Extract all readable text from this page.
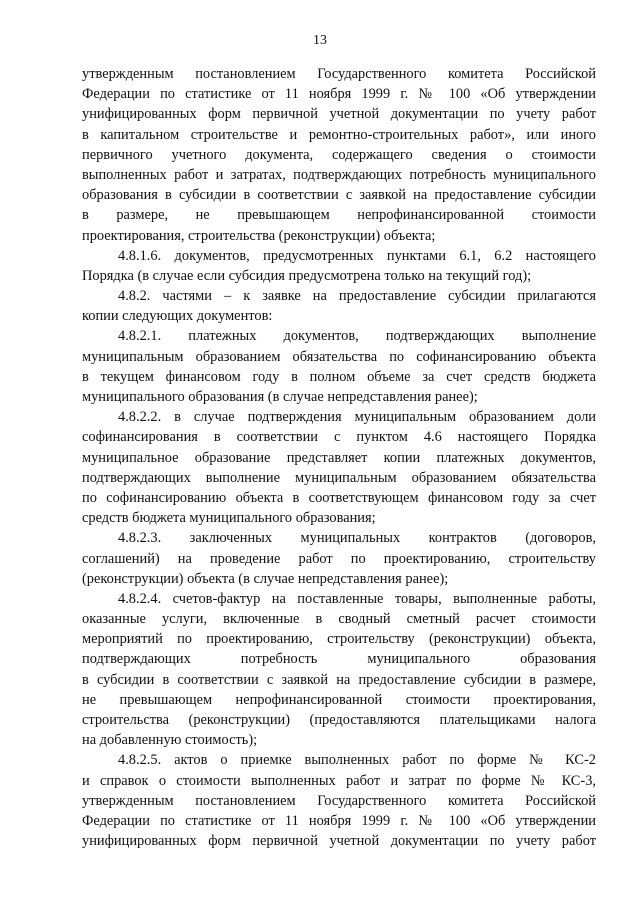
13
утвержденным постановлением Государственного комитета Российской
Федерации по статистике от 11 ноября 1999 г. № 100 «Об утверждении
унифицированных форм первичной учетной документации по учету работ
в капитальном строительстве и ремонтно-строительных работ», или иного
первичного учетного документа, содержащего сведения о стоимости
выполненных работ и затратах, подтверждающих потребность муниципального
образования в субсидии в соответствии с заявкой на предоставление субсидии
в размере, не превышающем непрофинансированной стоимости
проектирования, строительства (реконструкции) объекта;
4.8.1.6. документов, предусмотренных пунктами 6.1, 6.2 настоящего
Порядка (в случае если субсидия предусмотрена только на текущий год);
4.8.2. частями – к заявке на предоставление субсидии прилагаются
копии следующих документов:
4.8.2.1. платежных документов, подтверждающих выполнение
муниципальным образованием обязательства по софинансированию объекта
в текущем финансовом году в полном объеме за счет средств бюджета
муниципального образования (в случае непредставления ранее);
4.8.2.2. в случае подтверждения муниципальным образованием доли
софинансирования в соответствии с пунктом 4.6 настоящего Порядка
муниципальное образование представляет копии платежных документов,
подтверждающих выполнение муниципальным образованием обязательства
по софинансированию объекта в соответствующем финансовом году за счет
средств бюджета муниципального образования;
4.8.2.3. заключенных муниципальных контрактов (договоров,
соглашений) на проведение работ по проектированию, строительству
(реконструкции) объекта (в случае непредставления ранее);
4.8.2.4. счетов-фактур на поставленные товары, выполненные работы,
оказанные услуги, включенные в сводный сметный расчет стоимости
мероприятий по проектированию, строительству (реконструкции) объекта,
подтверждающих потребность муниципального образования
в субсидии в соответствии с заявкой на предоставление субсидии в размере,
не превышающем непрофинансированной стоимости проектирования,
строительства (реконструкции) (предоставляются плательщиками налога
на добавленную стоимость);
4.8.2.5. актов о приемке выполненных работ по форме № КС-2
и справок о стоимости выполненных работ и затрат по форме № КС-3,
утвержденным постановлением Государственного комитета Российской
Федерации по статистике от 11 ноября 1999 г. № 100 «Об утверждении
унифицированных форм первичной учетной документации по учету работ
